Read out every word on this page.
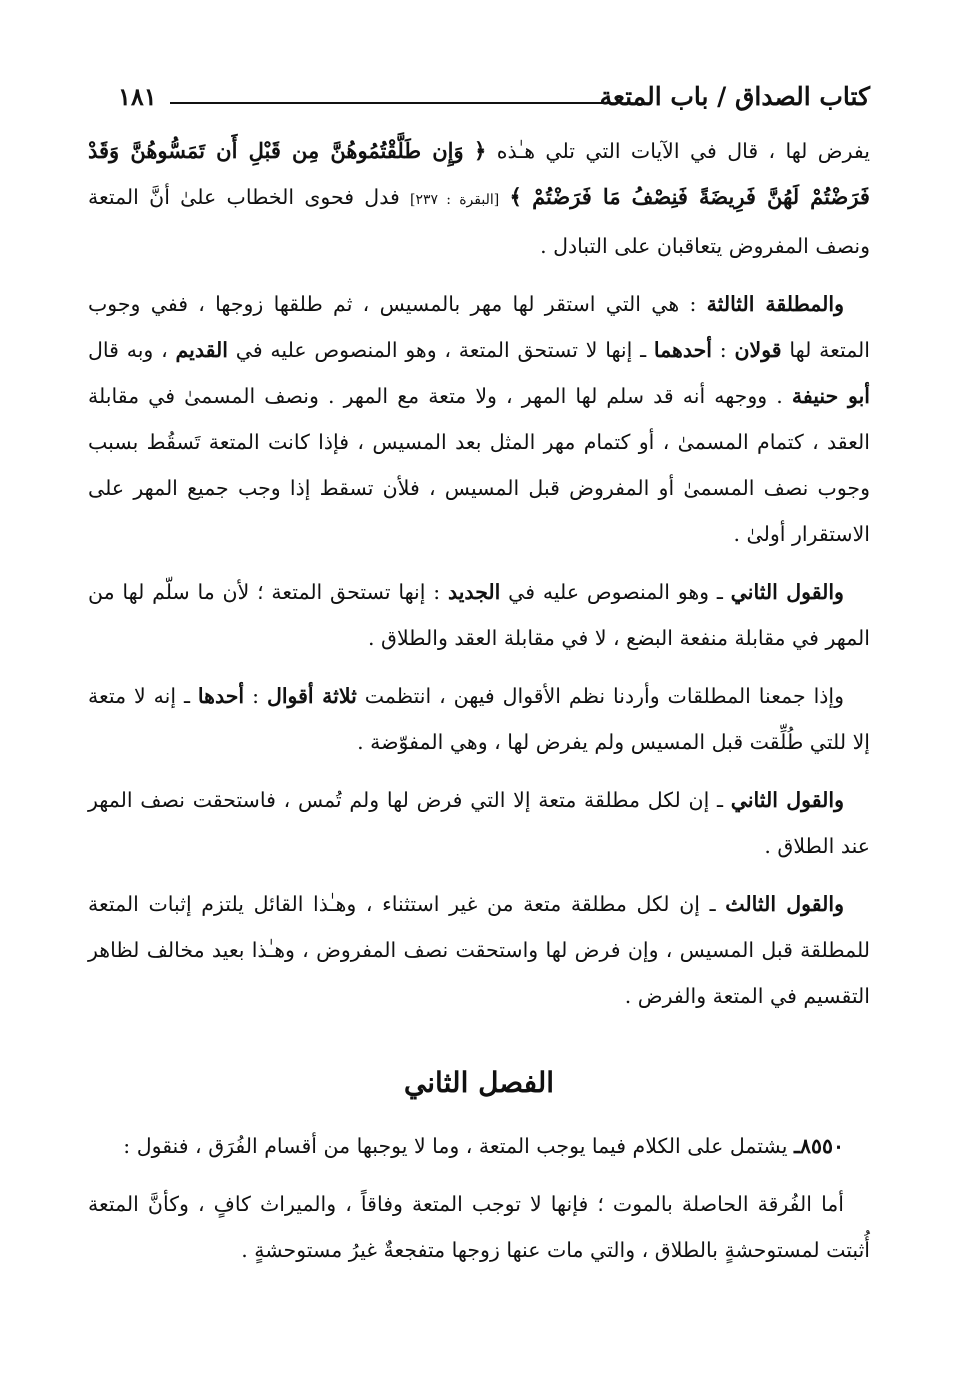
كتاب الصداق / باب المتعة
١٨١

يفرض لها ، قال في الآيات التي تلي هـٰذه ﴿ وَإِن طَلَّقْتُمُوهُنَّ مِن قَبْلِ أَن تَمَسُّوهُنَّ وَقَدْ فَرَضْتُمْ لَهُنَّ فَرِيضَةً فَنِصْفُ مَا فَرَضْتُمْ ﴾ [البقرة : ٢٣٧] فدل فحوى الخطاب علىٰ أنَّ المتعة ونصف المفروض يتعاقبان على التبادل .

والمطلقة الثالثة : هي التي استقر لها مهر بالمسيس ، ثم طلقها زوجها ، ففي وجوب المتعة لها قولان : أحدهما ـ إنها لا تستحق المتعة ، وهو المنصوص عليه في القديم ، وبه قال أبو حنيفة . ووجهه أنه قد سلم لها المهر ، ولا متعة مع المهر . ونصف المسمىٰ في مقابلة العقد ، كتمام المسمىٰ ، أو كتمام مهر المثل بعد المسيس ، فإذا كانت المتعة تَسقُط بسبب وجوب نصف المسمىٰ أو المفروض قبل المسيس ، فلأن تسقط إذا وجب جميع المهر على الاستقرار أولىٰ .

والقول الثاني ـ وهو المنصوص عليه في الجديد : إنها تستحق المتعة ؛ لأن ما سلّم لها من المهر في مقابلة منفعة البضع ، لا في مقابلة العقد والطلاق .

وإذا جمعنا المطلقات وأردنا نظم الأقوال فيهن ، انتظمت ثلاثة أقوال : أحدها ـ إنه لا متعة إلا للتي طُلِّقت قبل المسيس ولم يفرض لها ، وهي المفوّضة .

والقول الثاني ـ إن لكل مطلقة متعة إلا التي فرض لها ولم تُمس ، فاستحقت نصف المهر عند الطلاق .

والقول الثالث ـ إن لكل مطلقة متعة من غير استثناء ، وهـٰذا القائل يلتزم إثبات المتعة للمطلقة قبل المسيس ، وإن فرض لها واستحقت نصف المفروض ، وهـٰذا بعيد مخالف لظاهر التقسيم في المتعة والفرض .

الفصل الثاني

٨٥٥٠ـ يشتمل على الكلام فيما يوجب المتعة ، وما لا يوجبها من أقسام الفُرَق ، فنقول :

أما الفُرقة الحاصلة بالموت ؛ فإنها لا توجب المتعة وفاقاً ، والميراث كافٍ ، وكأنَّ المتعة أُثبتت لمستوحشةٍ بالطلاق ، والتي مات عنها زوجها متفجعةٌ غيرُ مستوحشةٍ .
